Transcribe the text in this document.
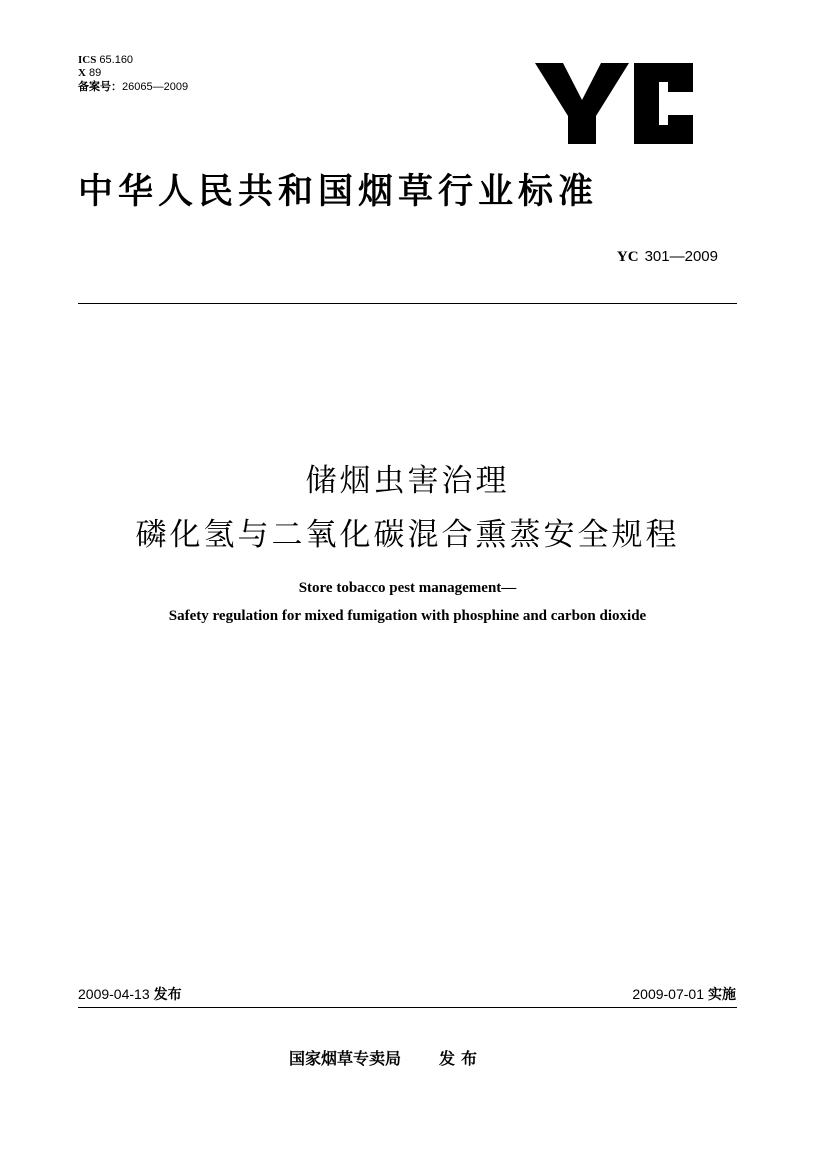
ICS 65.160
X 89
备案号：26065—2009
中华人民共和国烟草行业标准
YC 301—2009
储烟虫害治理
磷化氢与二氧化碳混合熏蒸安全规程
Store tobacco pest management—
Safety regulation for mixed fumigation with phosphine and carbon dioxide
2009-04-13 发布	2009-07-01 实施
国家烟草专卖局 发布
